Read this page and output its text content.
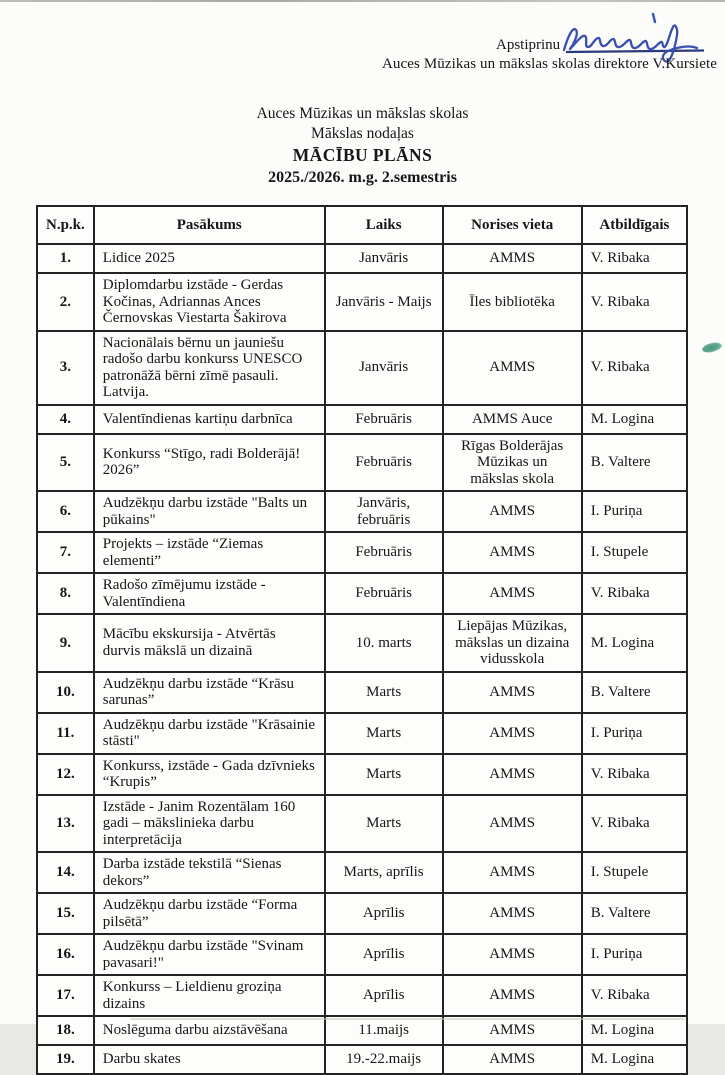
Apstiprinu
Auces Mūzikas un mākslas skolas direktore V.Kursiete
Auces Mūzikas un mākslas skolas
Mākslas nodaļas
MĀCĪBU PLĀNS
2025./2026. m.g. 2.semestris
N.p.k.	Pasākums	Laiks	Norises vieta	Atbildīgais
1.	Lidice 2025	Janvāris	AMMS	V. Ribaka
2.	Diplomdarbu izstāde - Gerdas Kočinas, Adriannas Ances Černovskas Viestarta Šakirova	Janvāris - Maijs	Īles bibliotēka	V. Ribaka
3.	Nacionālais bērnu un jauniešu radošo darbu konkurss UNESCO patronāžā bērni zīmē pasauli. Latvija.	Janvāris	AMMS	V. Ribaka
4.	Valentīndienas kartiņu darbnīca	Februāris	AMMS Auce	M. Logina
5.	Konkurss “Stīgo, radi Bolderājā! 2026”	Februāris	Rīgas Bolderājas Mūzikas un mākslas skola	B. Valtere
6.	Audzēkņu darbu izstāde "Balts un pūkains"	Janvāris, februāris	AMMS	I. Puriņa
7.	Projekts – izstāde “Ziemas elementi”	Februāris	AMMS	I. Stupele
8.	Radošo zīmējumu izstāde - Valentīndiena	Februāris	AMMS	V. Ribaka
9.	Mācību ekskursija - Atvērtās durvis mākslā un dizainā	10. marts	Liepājas Mūzikas, mākslas un dizaina vidusskola	M. Logina
10.	Audzēkņu darbu izstāde “Krāsu sarunas”	Marts	AMMS	B. Valtere
11.	Audzēkņu darbu izstāde "Krāsainie stāsti"	Marts	AMMS	I. Puriņa
12.	Konkurss, izstāde - Gada dzīvnieks “Krupis”	Marts	AMMS	V. Ribaka
13.	Izstāde - Janim Rozentālam 160 gadi – mākslinieka darbu interpretācija	Marts	AMMS	V. Ribaka
14.	Darba izstāde tekstilā “Sienas dekors”	Marts, aprīlis	AMMS	I. Stupele
15.	Audzēkņu darbu izstāde “Forma pilsētā”	Aprīlis	AMMS	B. Valtere
16.	Audzēkņu darbu izstāde "Svinam pavasari!"	Aprīlis	AMMS	I. Puriņa
17.	Konkurss – Lieldienu groziņa dizains	Aprīlis	AMMS	V. Ribaka
18.	Noslēguma darbu aizstāvēšana	11.maijs	AMMS	M. Logina
19.	Darbu skates	19.-22.maijs	AMMS	M. Logina
